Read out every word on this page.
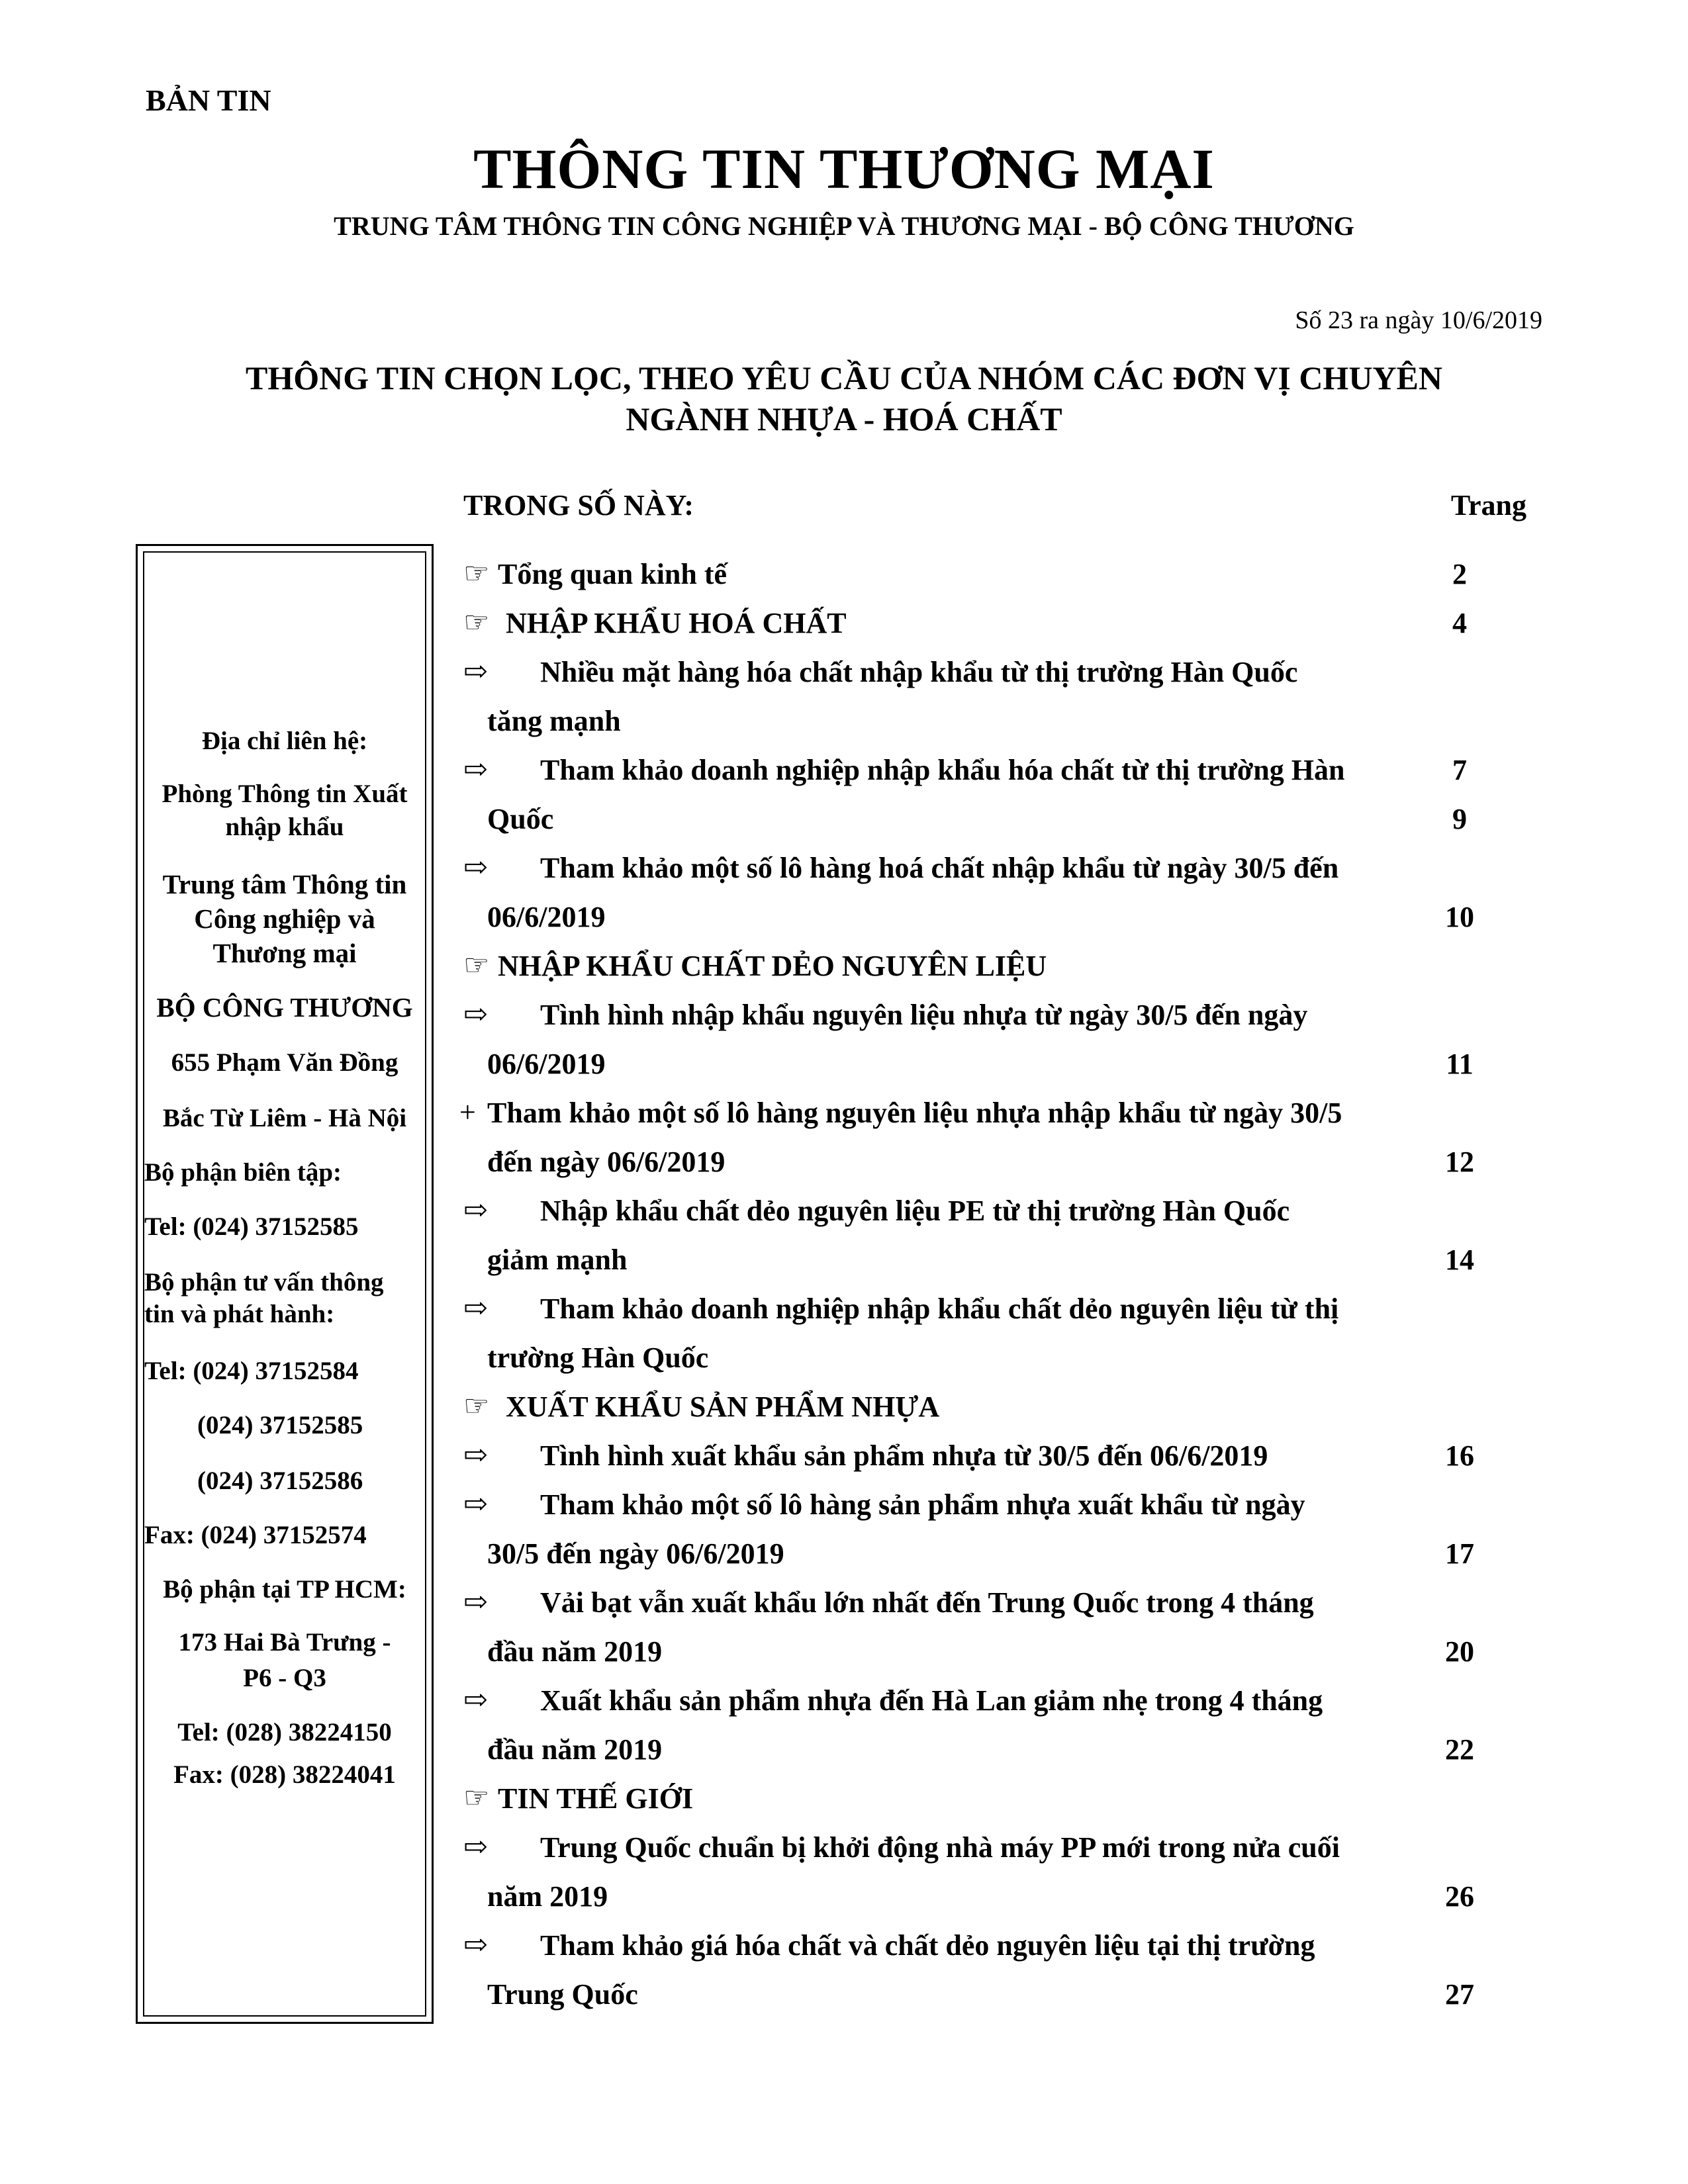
BẢN TIN
THÔNG TIN THƯƠNG MẠI
TRUNG TÂM THÔNG TIN CÔNG NGHIỆP VÀ THƯƠNG MẠI - BỘ CÔNG THƯƠNG
Số 23 ra ngày 10/6/2019
THÔNG TIN CHỌN LỌC, THEO YÊU CẦU CỦA NHÓM CÁC ĐƠN VỊ CHUYÊN
NGÀNH NHỰA - HOÁ CHẤT
TRONG SỐ NÀY:	Trang
Địa chỉ liên hệ:
Phòng Thông tin Xuất
nhập khẩu
Trung tâm Thông tin
Công nghiệp và
Thương mại
BỘ CÔNG THƯƠNG
655 Phạm Văn Đồng
Bắc Từ Liêm - Hà Nội
Bộ phận biên tập:
Tel: (024) 37152585
Bộ phận tư vấn thông
tin và phát hành:
Tel: (024) 37152584
(024) 37152585
(024) 37152586
Fax: (024) 37152574
Bộ phận tại TP HCM:
173 Hai Bà Trưng -
P6 - Q3
Tel: (028) 38224150
Fax: (028) 38224041
☞ Tổng quan kinh tế	2
☞ NHẬP KHẨU HOÁ CHẤT	4
⇨ Nhiều mặt hàng hóa chất nhập khẩu từ thị trường Hàn Quốc
tăng mạnh
⇨ Tham khảo doanh nghiệp nhập khẩu hóa chất từ thị trường Hàn	7
Quốc	9
⇨ Tham khảo một số lô hàng hoá chất nhập khẩu từ ngày 30/5 đến
06/6/2019	10
☞ NHẬP KHẨU CHẤT DẺO NGUYÊN LIỆU
⇨ Tình hình nhập khẩu nguyên liệu nhựa từ ngày 30/5 đến ngày
06/6/2019	11
+ Tham khảo một số lô hàng nguyên liệu nhựa nhập khẩu từ ngày 30/5
đến ngày 06/6/2019	12
⇨ Nhập khẩu chất dẻo nguyên liệu PE từ thị trường Hàn Quốc
giảm mạnh	14
⇨ Tham khảo doanh nghiệp nhập khẩu chất dẻo nguyên liệu từ thị
trường Hàn Quốc
☞ XUẤT KHẨU SẢN PHẨM NHỰA
⇨ Tình hình xuất khẩu sản phẩm nhựa từ 30/5 đến 06/6/2019	16
⇨ Tham khảo một số lô hàng sản phẩm nhựa xuất khẩu từ ngày
30/5 đến ngày 06/6/2019	17
⇨ Vải bạt vẫn xuất khẩu lớn nhất đến Trung Quốc trong 4 tháng
đầu năm 2019	20
⇨ Xuất khẩu sản phẩm nhựa đến Hà Lan giảm nhẹ trong 4 tháng
đầu năm 2019	22
☞ TIN THẾ GIỚI
⇨ Trung Quốc chuẩn bị khởi động nhà máy PP mới trong nửa cuối
năm 2019	26
⇨ Tham khảo giá hóa chất và chất dẻo nguyên liệu tại thị trường
Trung Quốc	27
